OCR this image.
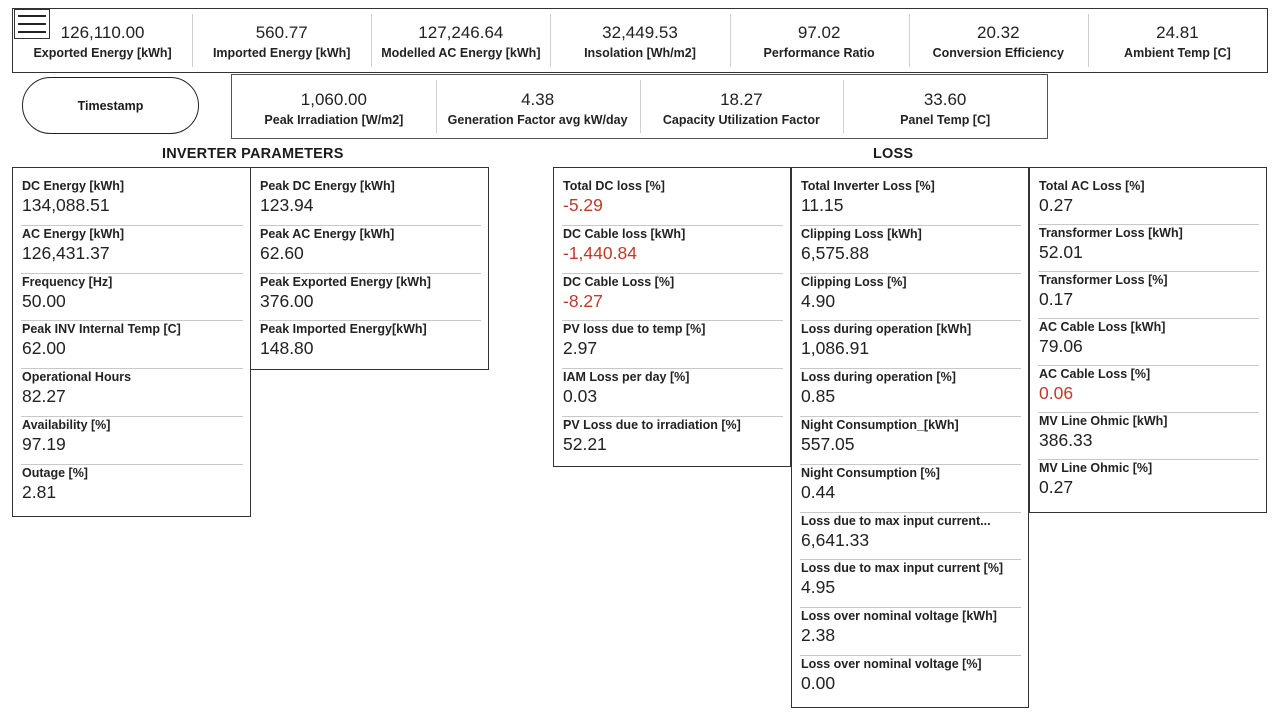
126,110.00
Exported Energy [kWh]
560.77
Imported Energy [kWh]
127,246.64
Modelled AC Energy [kWh]
32,449.53
Insolation [Wh/m2]
97.02
Performance Ratio
20.32
Conversion Efficiency
24.81
Ambient Temp [C]
Timestamp	1,060.00
Peak Irradiation [W/m2]
4.38
Generation Factor avg kW/day
18.27
Capacity Utilization Factor
33.60
Panel Temp [C]
INVERTER PARAMETERS	LOSS
DC Energy [kWh]
134,088.51
AC Energy [kWh]
126,431.37
Frequency [Hz]
50.00
Peak INV Internal Temp [C]
62.00
Operational Hours
82.27
Availability [%]
97.19
Outage [%]
2.81
Peak DC Energy [kWh]
123.94
Peak AC Energy [kWh]
62.60
Peak Exported Energy [kWh]
376.00
Peak Imported Energy[kWh]
148.80
Total DC loss [%]
-5.29
DC Cable loss [kWh]
-1,440.84
DC Cable Loss [%]
-8.27
PV loss due to temp [%]
2.97
IAM Loss per day [%]
0.03
PV Loss due to irradiation [%]
52.21
Total Inverter Loss [%]
11.15
Clipping Loss [kWh]
6,575.88
Clipping Loss [%]
4.90
Loss during operation [kWh]
1,086.91
Loss during operation [%]
0.85
Night Consumption_[kWh]
557.05
Night Consumption [%]
0.44
Loss due to max input current...
6,641.33
Loss due to max input current [%]
4.95
Loss over nominal voltage [kWh]
2.38
Loss over nominal voltage [%]
0.00
Total AC Loss [%]
0.27
Transformer Loss [kWh]
52.01
Transformer Loss [%]
0.17
AC Cable Loss [kWh]
79.06
AC Cable Loss [%]
0.06
MV Line Ohmic [kWh]
386.33
MV Line Ohmic [%]
0.27
